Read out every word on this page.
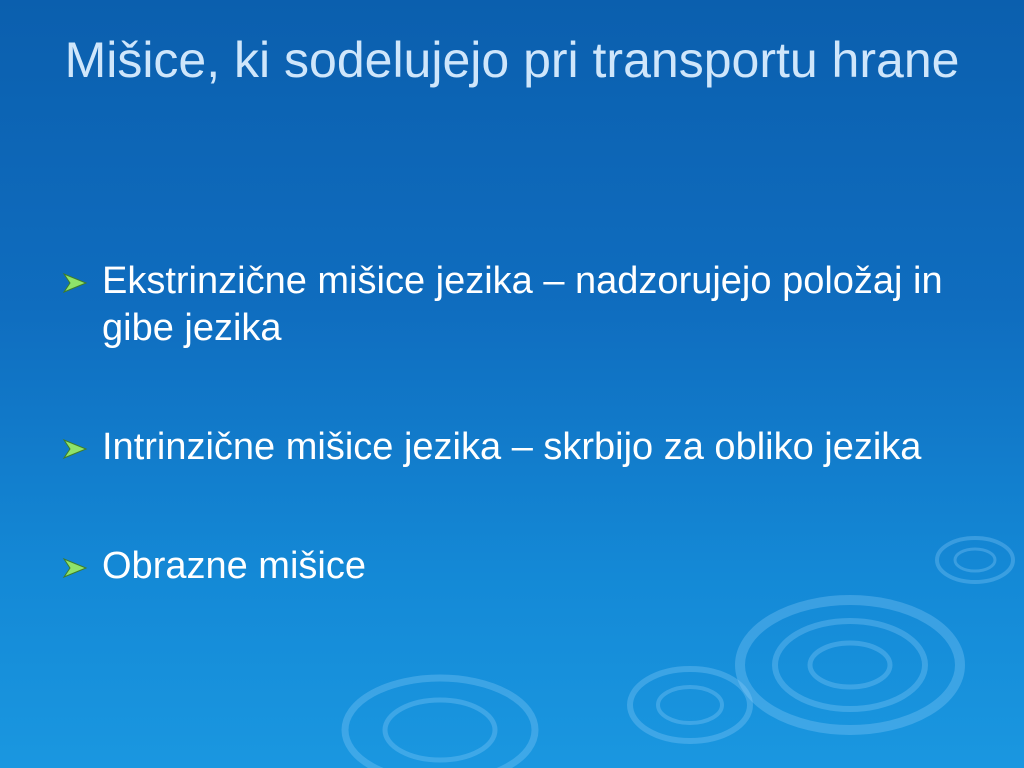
Mišice, ki sodelujejo pri transportu hrane
Ekstrinzične mišice jezika – nadzorujejo položaj in gibe jezika
Intrinzične mišice jezika – skrbijo za obliko jezika
Obrazne mišice
